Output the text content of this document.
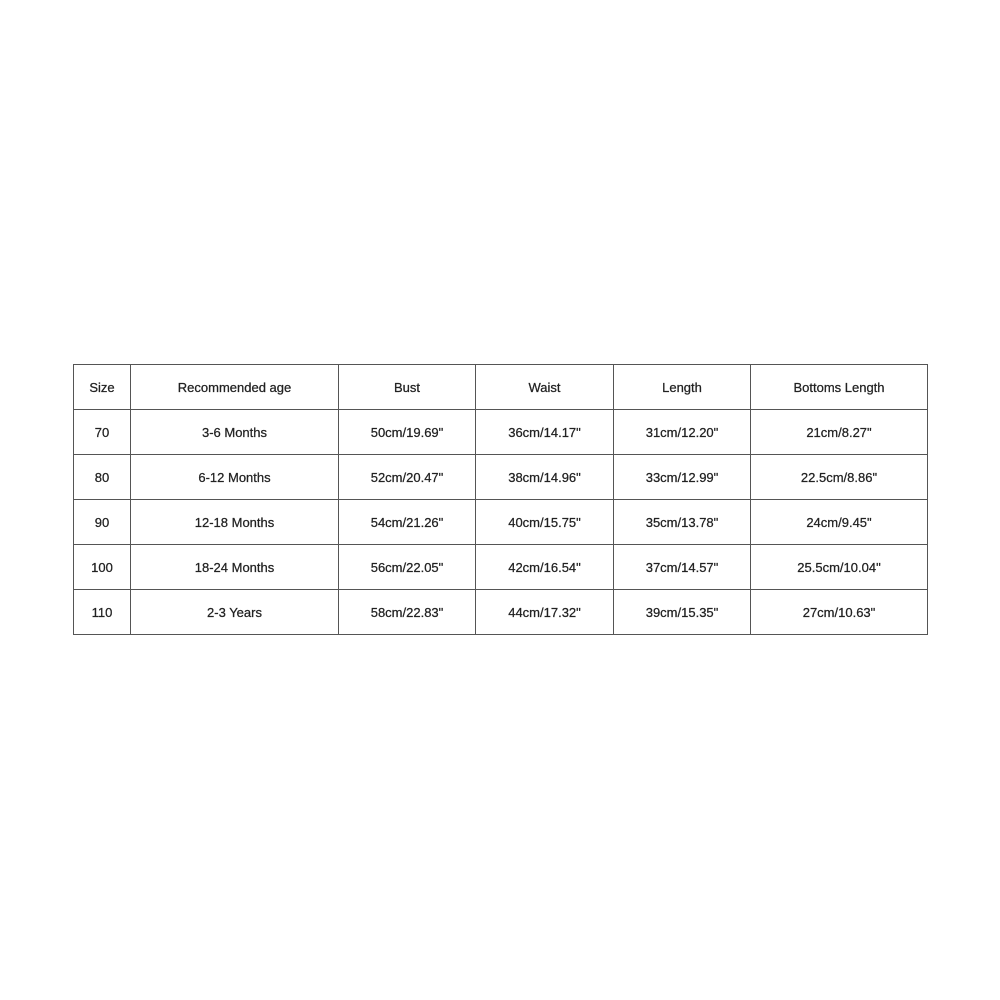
Size	Recommended age	Bust	Waist	Length	Bottoms Length
70	3-6 Months	50cm/19.69"	36cm/14.17"	31cm/12.20"	21cm/8.27"
80	6-12 Months	52cm/20.47"	38cm/14.96"	33cm/12.99"	22.5cm/8.86"
90	12-18 Months	54cm/21.26"	40cm/15.75"	35cm/13.78"	24cm/9.45"
100	18-24 Months	56cm/22.05"	42cm/16.54"	37cm/14.57"	25.5cm/10.04"
110	2-3 Years	58cm/22.83"	44cm/17.32"	39cm/15.35"	27cm/10.63"
